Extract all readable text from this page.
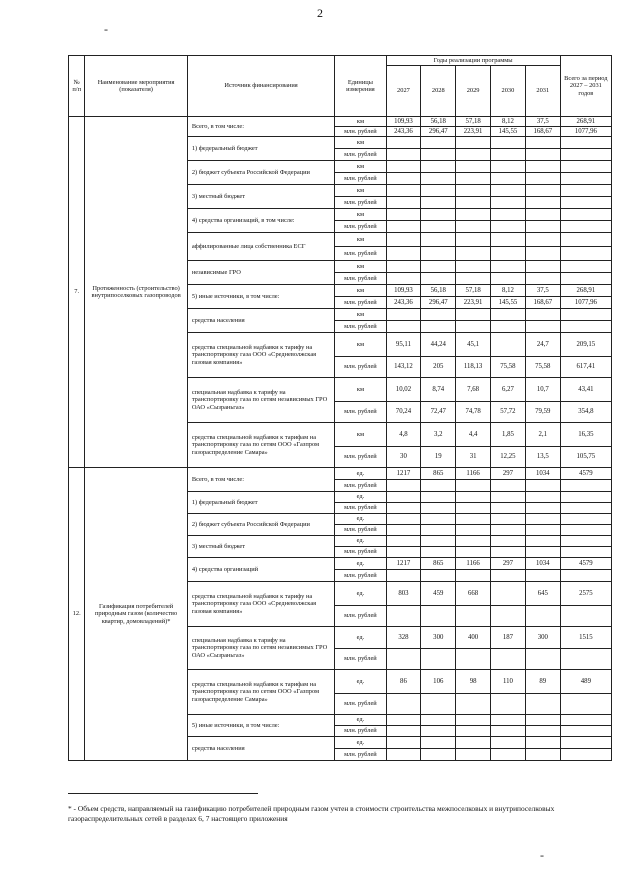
2
-
№ п/п	Наименование мероприятия (показателя)	Источник финансирования	Единицы измерения	Годы реализации программы					Всего за период 2027 – 2031 годов
				2027	2028	2029	2030	2031	
7.	Протяженность (строительство) внутрипоселковых газопроводов	Всего, в том числе:	км	109,93	56,18	57,18	8,12	37,5	268,91
			млн. рублей	243,36	296,47	223,91	145,55	168,67	1077,96
		1) федеральный бюджет	км						
			млн. рублей						
		2) бюджет субъекта Российской Федерации	км						
			млн. рублей						
		3) местный бюджет	км						
			млн. рублей						
		4) средства организаций, в том числе:	км						
			млн. рублей						
		аффилированные лица собственника ЕСГ	км						
			млн. рублей						
		независимые ГРО	км						
			млн. рублей						
		5) иные источники, в том числе:	км	109,93	56,18	57,18	8,12	37,5	268,91
			млн. рублей	243,36	296,47	223,91	145,55	168,67	1077,96
		средства населения	км						
			млн. рублей						
		средства специальной надбавки к тарифу на транспортировку газа ООО «Средневолжская газовая компания»	км	95,11	44,24	45,1		24,7	209,15
			млн. рублей	143,12	205	118,13	75,58	75,58	617,41
		специальная надбавка к тарифу на транспортировку газа по сетям независимых ГРО ОАО «Сызраньгаз»	км	10,02	8,74	7,68	6,27	10,7	43,41
			млн. рублей	70,24	72,47	74,78	57,72	79,59	354,8
		средства специальной надбавки к тарифам на транспортировку газа по сетям ООО «Газпром газораспределение Самара»	км	4,8	3,2	4,4	1,85	2,1	16,35
			млн. рублей	30	19	31	12,25	13,5	105,75
12.	Газификация потребителей природным газом (количество квартир, домовладений)*	Всего, в том числе:	ед.	1217	865	1166	297	1034	4579
			млн. рублей						
		1) федеральный бюджет	ед.						
			млн. рублей						
		2) бюджет субъекта Российской Федерации	ед.						
			млн. рублей						
		3) местный бюджет	ед.						
			млн. рублей						
		4) средства организаций	ед.	1217	865	1166	297	1034	4579
			млн. рублей						
		средства специальной надбавки к тарифу на транспортировку газа ООО «Средневолжская газовая компания»	ед.	803	459	668		645	2575
			млн. рублей						
		специальная надбавка к тарифу на транспортировку газа по сетям независимых ГРО ОАО «Сызраньгаз»	ед.	328	300	400	187	300	1515
			млн. рублей						
		средства специальной надбавки к тарифам на транспортировку газа по сетям ООО «Газпром газораспределение Самара»	ед.	86	106	98	110	89	489
			млн. рублей						
		5) иные источники, в том числе:	ед.						
			млн. рублей						
		средства населения	ед.						
			млн. рублей						
* - Объем средств, направляемый на газификацию потребителей природным газом учтен в стоимости строительства межпоселковых и внутрипоселковых газораспределительных сетей в разделах 6, 7 настоящего приложения
-
